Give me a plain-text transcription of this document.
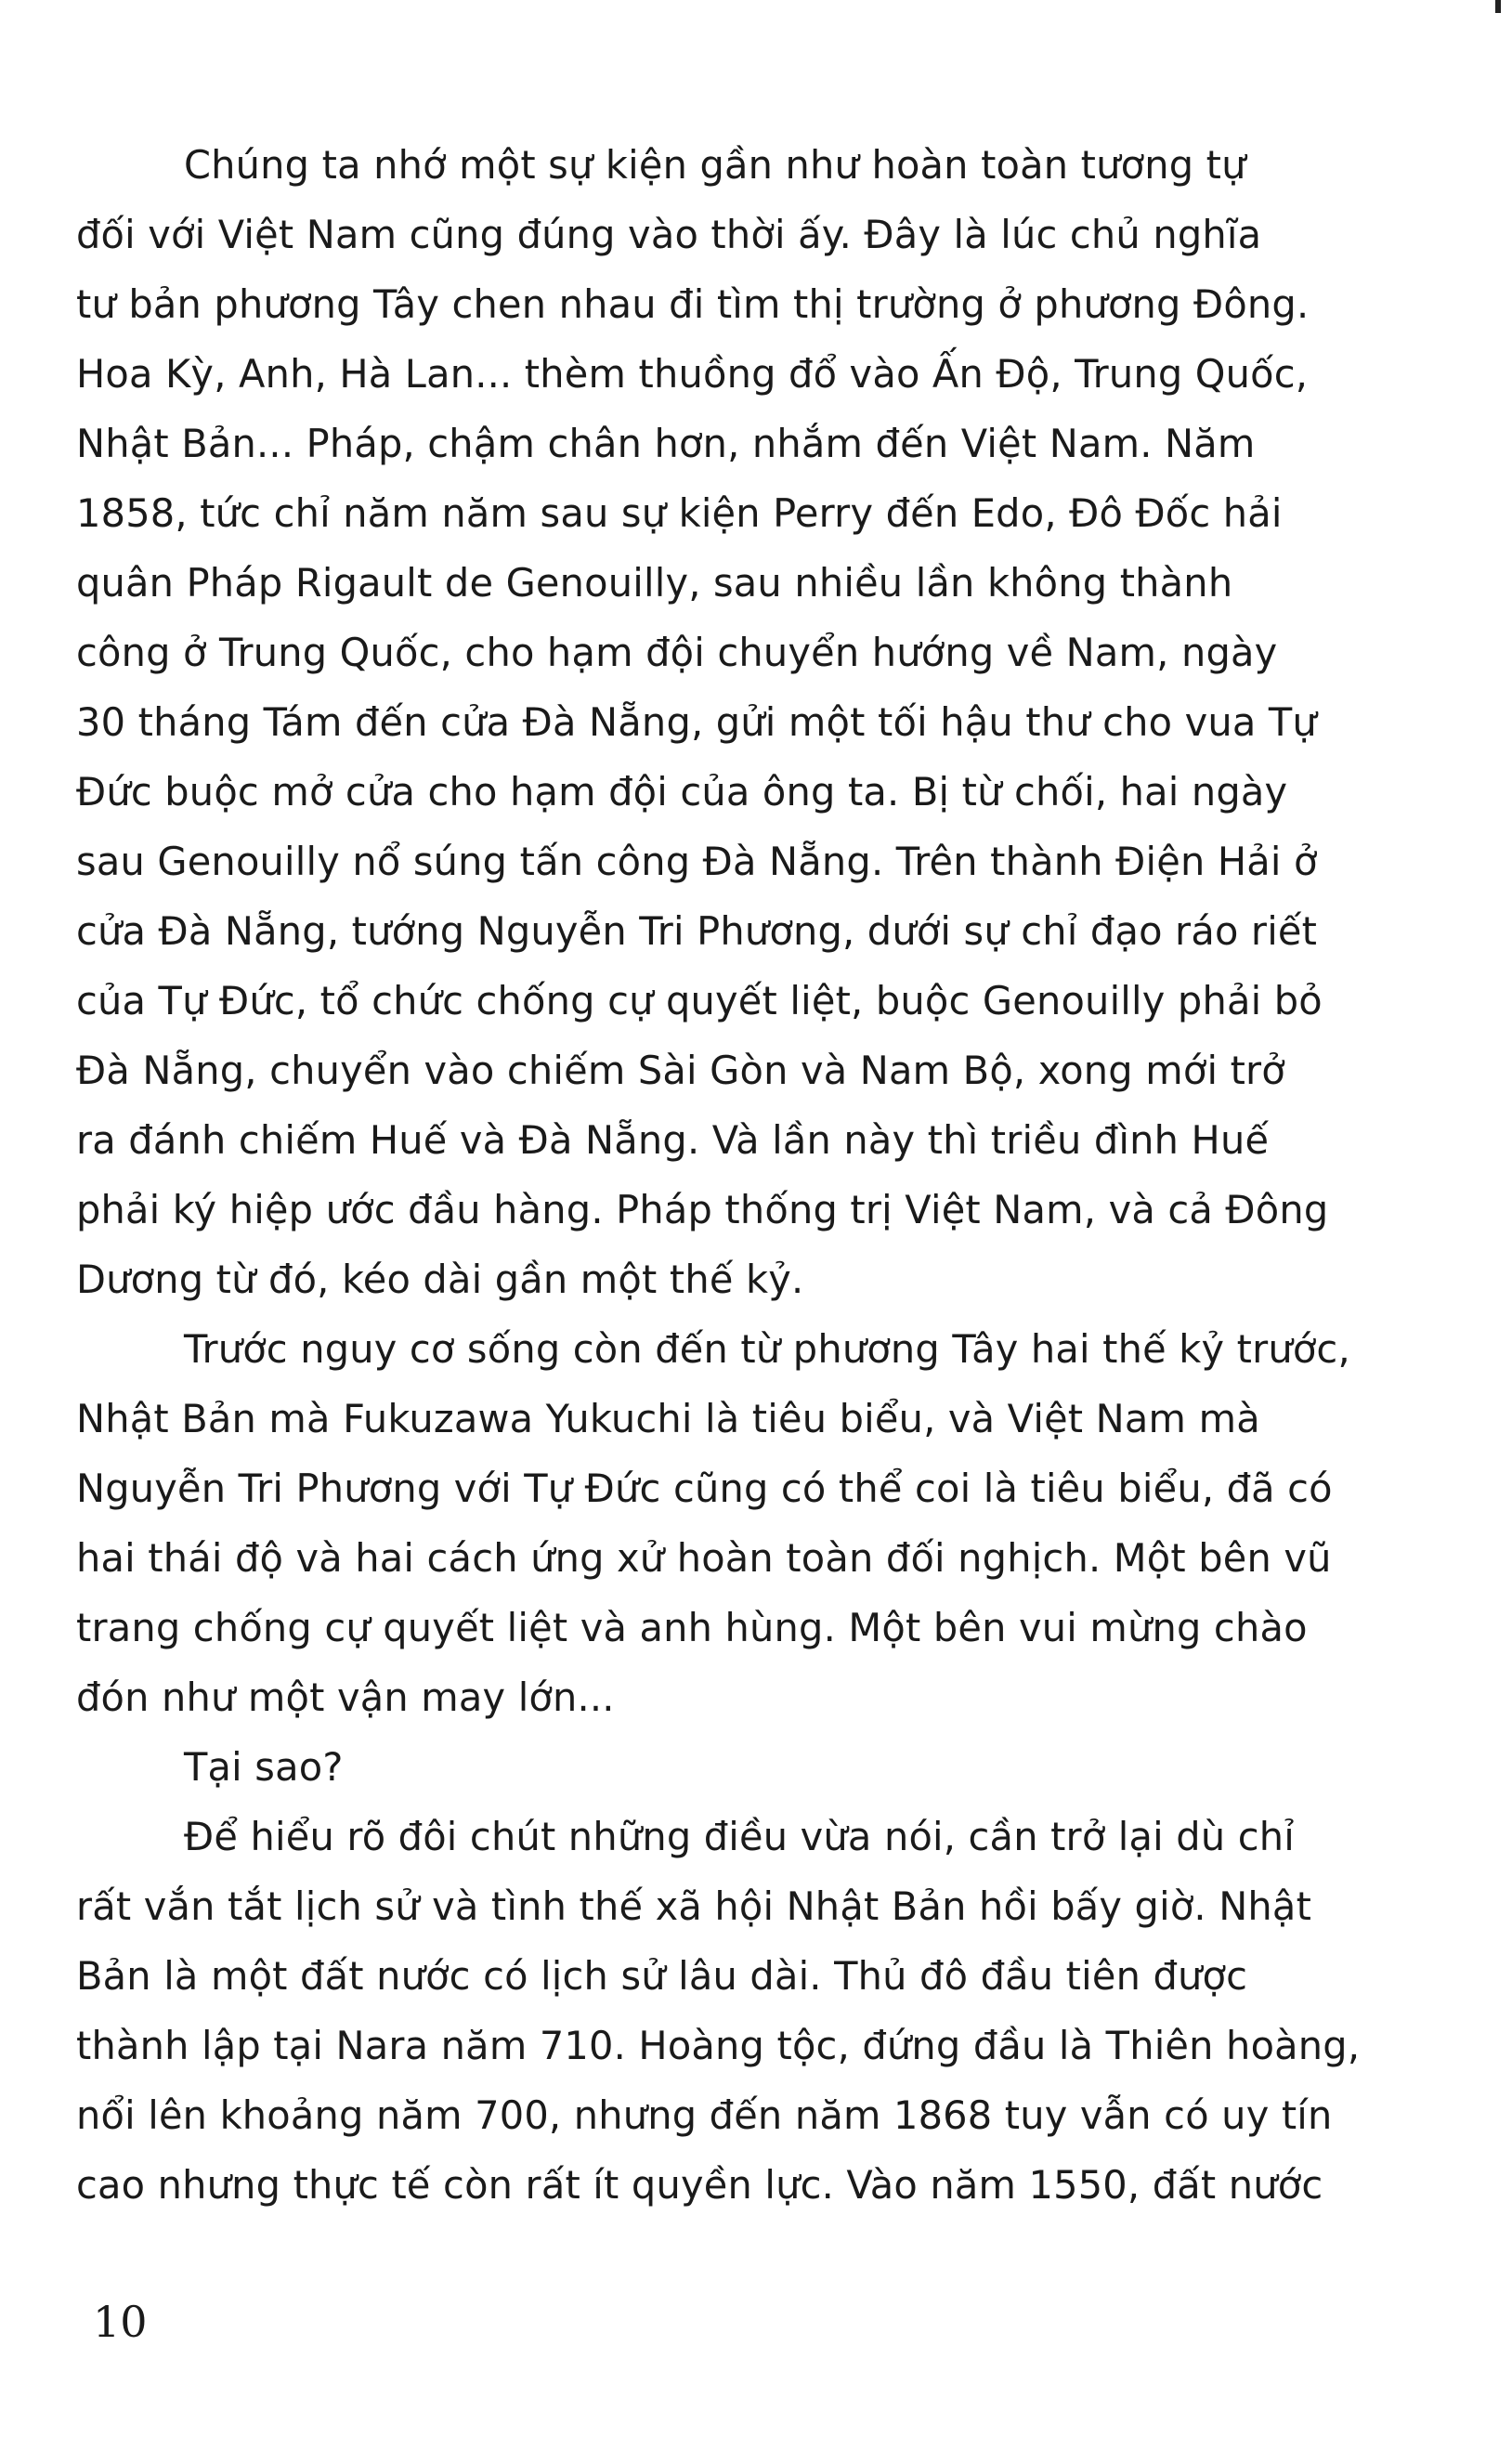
Chúng ta nhớ một sự kiện gần như hoàn toàn tương tự
đối với Việt Nam cũng đúng vào thời ấy. Đây là lúc chủ nghĩa
tư bản phương Tây chen nhau đi tìm thị trường ở phương Đông.
Hoa Kỳ, Anh, Hà Lan... thèm thuồng đổ vào Ấn Độ, Trung Quốc,
Nhật Bản... Pháp, chậm chân hơn, nhắm đến Việt Nam. Năm
1858, tức chỉ năm năm sau sự kiện Perry đến Edo, Đô Đốc hải
quân Pháp Rigault de Genouilly, sau nhiều lần không thành
công ở Trung Quốc, cho hạm đội chuyển hướng về Nam, ngày
30 tháng Tám đến cửa Đà Nẵng, gửi một tối hậu thư cho vua Tự
Đức buộc mở cửa cho hạm đội của ông ta. Bị từ chối, hai ngày
sau Genouilly nổ súng tấn công Đà Nẵng. Trên thành Điện Hải ở
cửa Đà Nẵng, tướng Nguyễn Tri Phương, dưới sự chỉ đạo ráo riết
của Tự Đức, tổ chức chống cự quyết liệt, buộc Genouilly phải bỏ
Đà Nẵng, chuyển vào chiếm Sài Gòn và Nam Bộ, xong mới trở
ra đánh chiếm Huế và Đà Nẵng. Và lần này thì triều đình Huế
phải ký hiệp ước đầu hàng. Pháp thống trị Việt Nam, và cả Đông
Dương từ đó, kéo dài gần một thế kỷ.
Trước nguy cơ sống còn đến từ phương Tây hai thế kỷ trước,
Nhật Bản mà Fukuzawa Yukuchi là tiêu biểu, và Việt Nam mà
Nguyễn Tri Phương với Tự Đức cũng có thể coi là tiêu biểu, đã có
hai thái độ và hai cách ứng xử hoàn toàn đối nghịch. Một bên vũ
trang chống cự quyết liệt và anh hùng. Một bên vui mừng chào
đón như một vận may lớn...
Tại sao?
Để hiểu rõ đôi chút những điều vừa nói, cần trở lại dù chỉ
rất vắn tắt lịch sử và tình thế xã hội Nhật Bản hồi bấy giờ. Nhật
Bản là một đất nước có lịch sử lâu dài. Thủ đô đầu tiên được
thành lập tại Nara năm 710. Hoàng tộc, đứng đầu là Thiên hoàng,
nổi lên khoảng năm 700, nhưng đến năm 1868 tuy vẫn có uy tín
cao nhưng thực tế còn rất ít quyền lực. Vào năm 1550, đất nước
10
